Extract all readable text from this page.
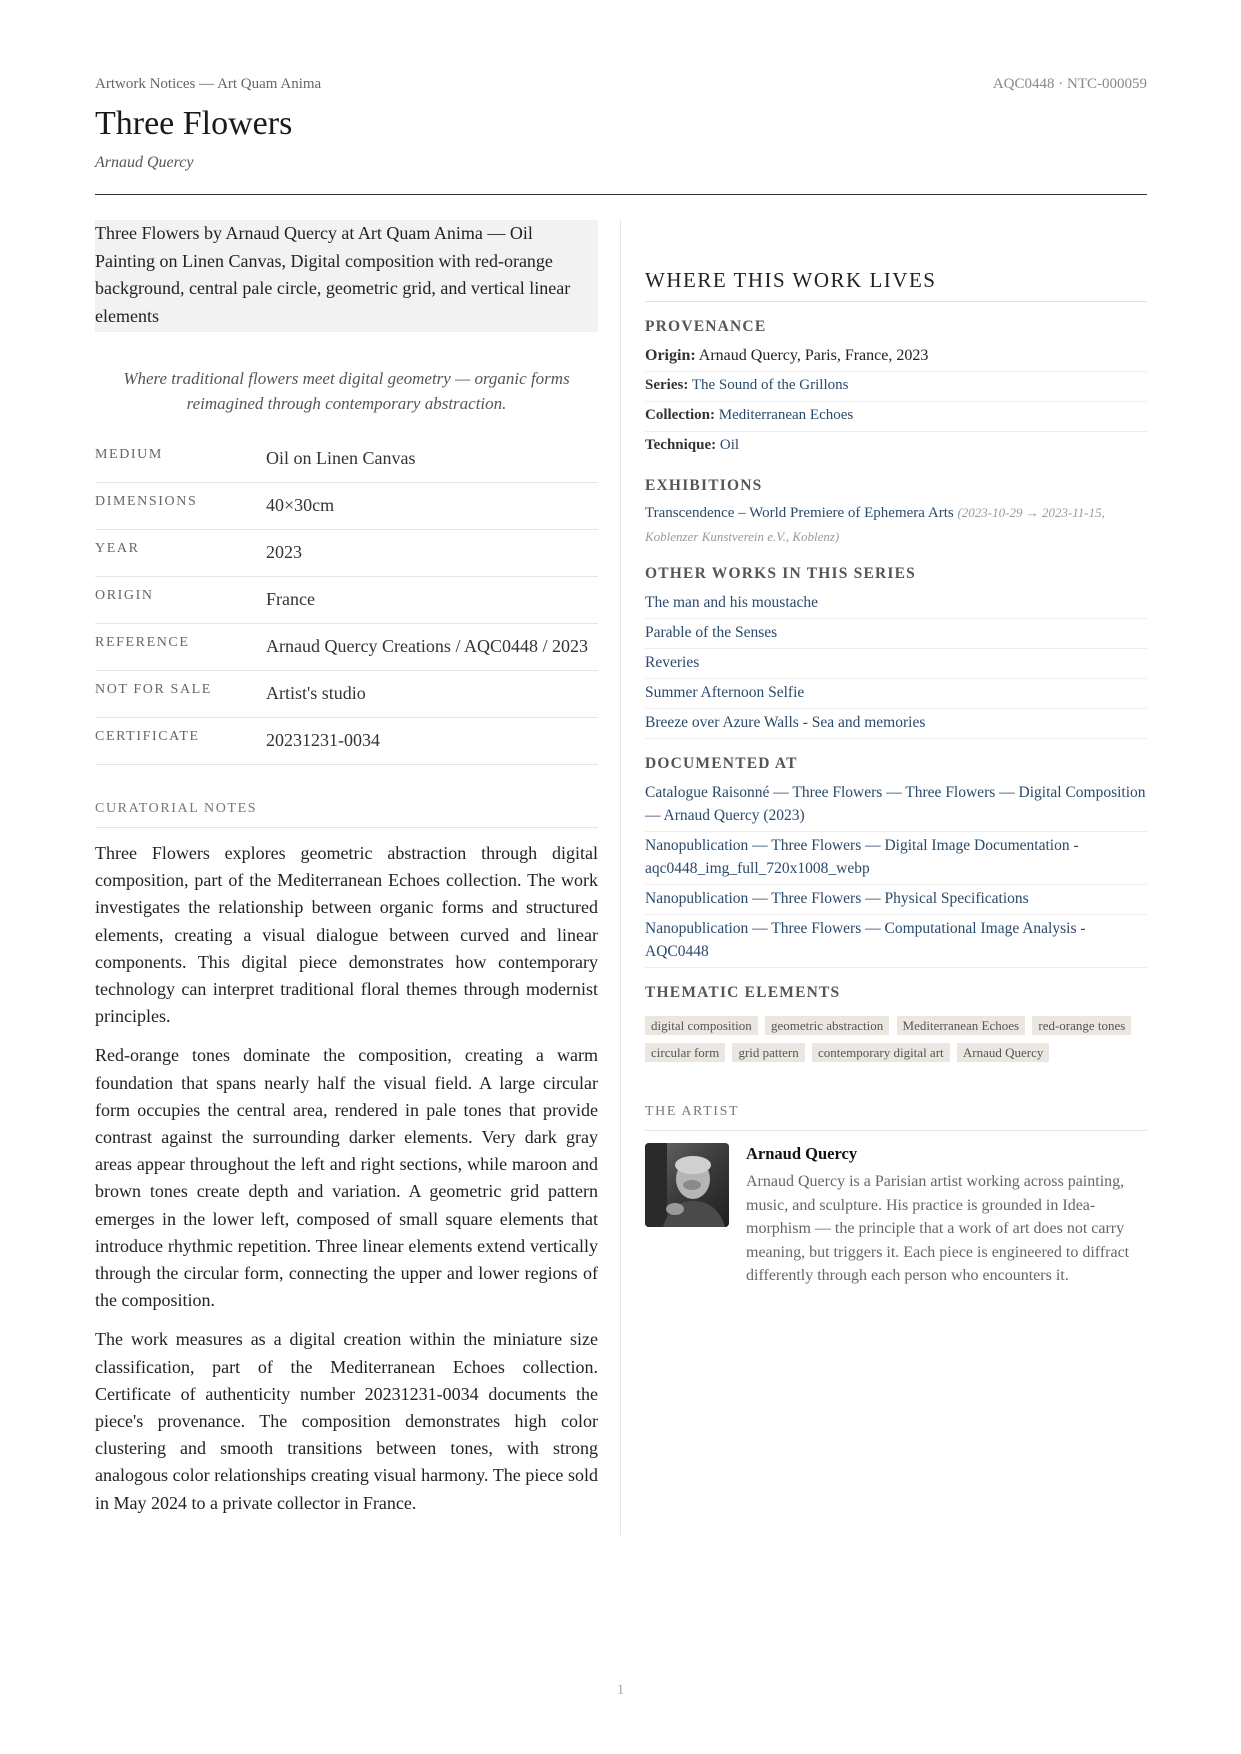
Artwork Notices — Art Quam Anima	AQC0448 · NTC-000059
Three Flowers
Arnaud Quercy
Three Flowers by Arnaud Quercy at Art Quam Anima — Oil Painting on Linen Canvas, Digital composition with red-orange background, central pale circle, geometric grid, and vertical linear elements
Where traditional flowers meet digital geometry — organic forms reimagined through contemporary abstraction.
MEDIUM	Oil on Linen Canvas
DIMENSIONS	40×30cm
YEAR	2023
ORIGIN	France
REFERENCE	Arnaud Quercy Creations / AQC0448 / 2023
NOT FOR SALE	Artist's studio
CERTIFICATE	20231231-0034
CURATORIAL NOTES

Three Flowers explores geometric abstraction through digital composition, part of the Mediterranean Echoes collection. The work investigates the relationship between organic forms and structured elements, creating a visual dialogue between curved and linear components. This digital piece demonstrates how contemporary technology can interpret traditional floral themes through modernist principles.

Red-orange tones dominate the composition, creating a warm foundation that spans nearly half the visual field. A large circular form occupies the central area, rendered in pale tones that provide contrast against the surrounding darker elements. Very dark gray areas appear throughout the left and right sections, while maroon and brown tones create depth and variation. A geometric grid pattern emerges in the lower left, composed of small square elements that introduce rhythmic repetition. Three linear elements extend vertically through the circular form, connecting the upper and lower regions of the composition.

The work measures as a digital creation within the miniature size classification, part of the Mediterranean Echoes collection. Certificate of authenticity number 20231231-0034 documents the piece's provenance. The composition demonstrates high color clustering and smooth transitions between tones, with strong analogous color relationships creating visual harmony. The piece sold in May 2024 to a private collector in France.

WHERE THIS WORK LIVES
PROVENANCE
Origin: Arnaud Quercy, Paris, France, 2023
Series: The Sound of the Grillons
Collection: Mediterranean Echoes
Technique: Oil
EXHIBITIONS
Transcendence – World Premiere of Ephemera Arts (2023-10-29 → 2023-11-15, Koblenzer Kunstverein e.V., Koblenz)
OTHER WORKS IN THIS SERIES
The man and his moustache
Parable of the Senses
Reveries
Summer Afternoon Selfie
Breeze over Azure Walls - Sea and memories
DOCUMENTED AT
Catalogue Raisonné — Three Flowers — Three Flowers — Digital Composition — Arnaud Quercy (2023)
Nanopublication — Three Flowers — Digital Image Documentation - aqc0448_img_full_720x1008_webp
Nanopublication — Three Flowers — Physical Specifications
Nanopublication — Three Flowers — Computational Image Analysis - AQC0448
THEMATIC ELEMENTS
digital composition geometric abstraction Mediterranean Echoes red-orange tones circular form grid pattern contemporary digital art Arnaud Quercy
THE ARTIST
Arnaud Quercy
Arnaud Quercy is a Parisian artist working across painting, music, and sculpture. His practice is grounded in Idea-morphism — the principle that a work of art does not carry meaning, but triggers it. Each piece is engineered to diffract differently through each person who encounters it.
1
